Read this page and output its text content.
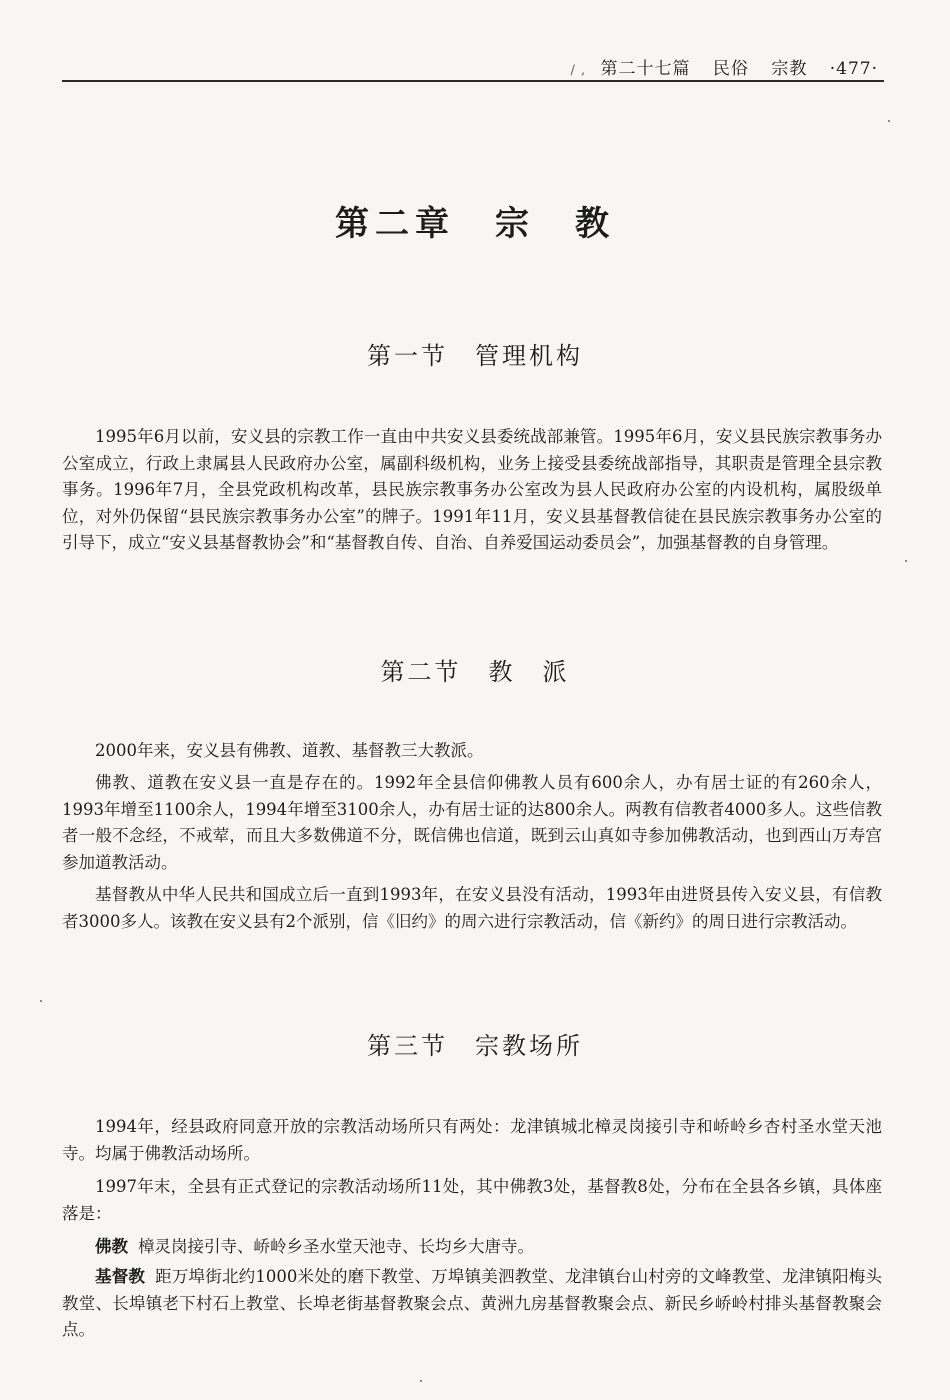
/ , 第二十七篇 民俗 宗教 ·477·
第二章　宗　教
第一节　管理机构

1995年6月以前，安义县的宗教工作一直由中共安义县委统战部兼管。1995年6月，安义县民族宗教事务办公室成立，行政上隶属县人民政府办公室，属副科级机构，业务上接受县委统战部指导，其职责是管理全县宗教事务。1996年7月，全县党政机构改革，县民族宗教事务办公室改为县人民政府办公室的内设机构，属股级单位，对外仍保留“县民族宗教事务办公室”的牌子。1991年11月，安义县基督教信徒在县民族宗教事务办公室的引导下，成立“安义县基督教协会”和“基督教自传、自治、自养爱国运动委员会”，加强基督教的自身管理。

第二节　教　派

2000年来，安义县有佛教、道教、基督教三大教派。

佛教、道教在安义县一直是存在的。1992年全县信仰佛教人员有600余人，办有居士证的有260余人，1993年增至1100余人，1994年增至3100余人，办有居士证的达800余人。两教有信教者4000多人。这些信教者一般不念经，不戒荤，而且大多数佛道不分，既信佛也信道，既到云山真如寺参加佛教活动，也到西山万寿宫参加道教活动。

基督教从中华人民共和国成立后一直到1993年，在安义县没有活动，1993年由进贤县传入安义县，有信教者3000多人。该教在安义县有2个派别，信《旧约》的周六进行宗教活动，信《新约》的周日进行宗教活动。

第三节　宗教场所

1994年，经县政府同意开放的宗教活动场所只有两处：龙津镇城北樟灵岗接引寺和峤岭乡杏村圣水堂天池寺。均属于佛教活动场所。

1997年末，全县有正式登记的宗教活动场所11处，其中佛教3处，基督教8处，分布在全县各乡镇，具体座落是：

佛教 樟灵岗接引寺、峤岭乡圣水堂天池寺、长均乡大唐寺。

基督教 距万埠街北约1000米处的磨下教堂、万埠镇美泗教堂、龙津镇台山村旁的文峰教堂、龙津镇阳梅头教堂、长埠镇老下村石上教堂、长埠老街基督教聚会点、黄洲九房基督教聚会点、新民乡峤岭村排头基督教聚会点。
